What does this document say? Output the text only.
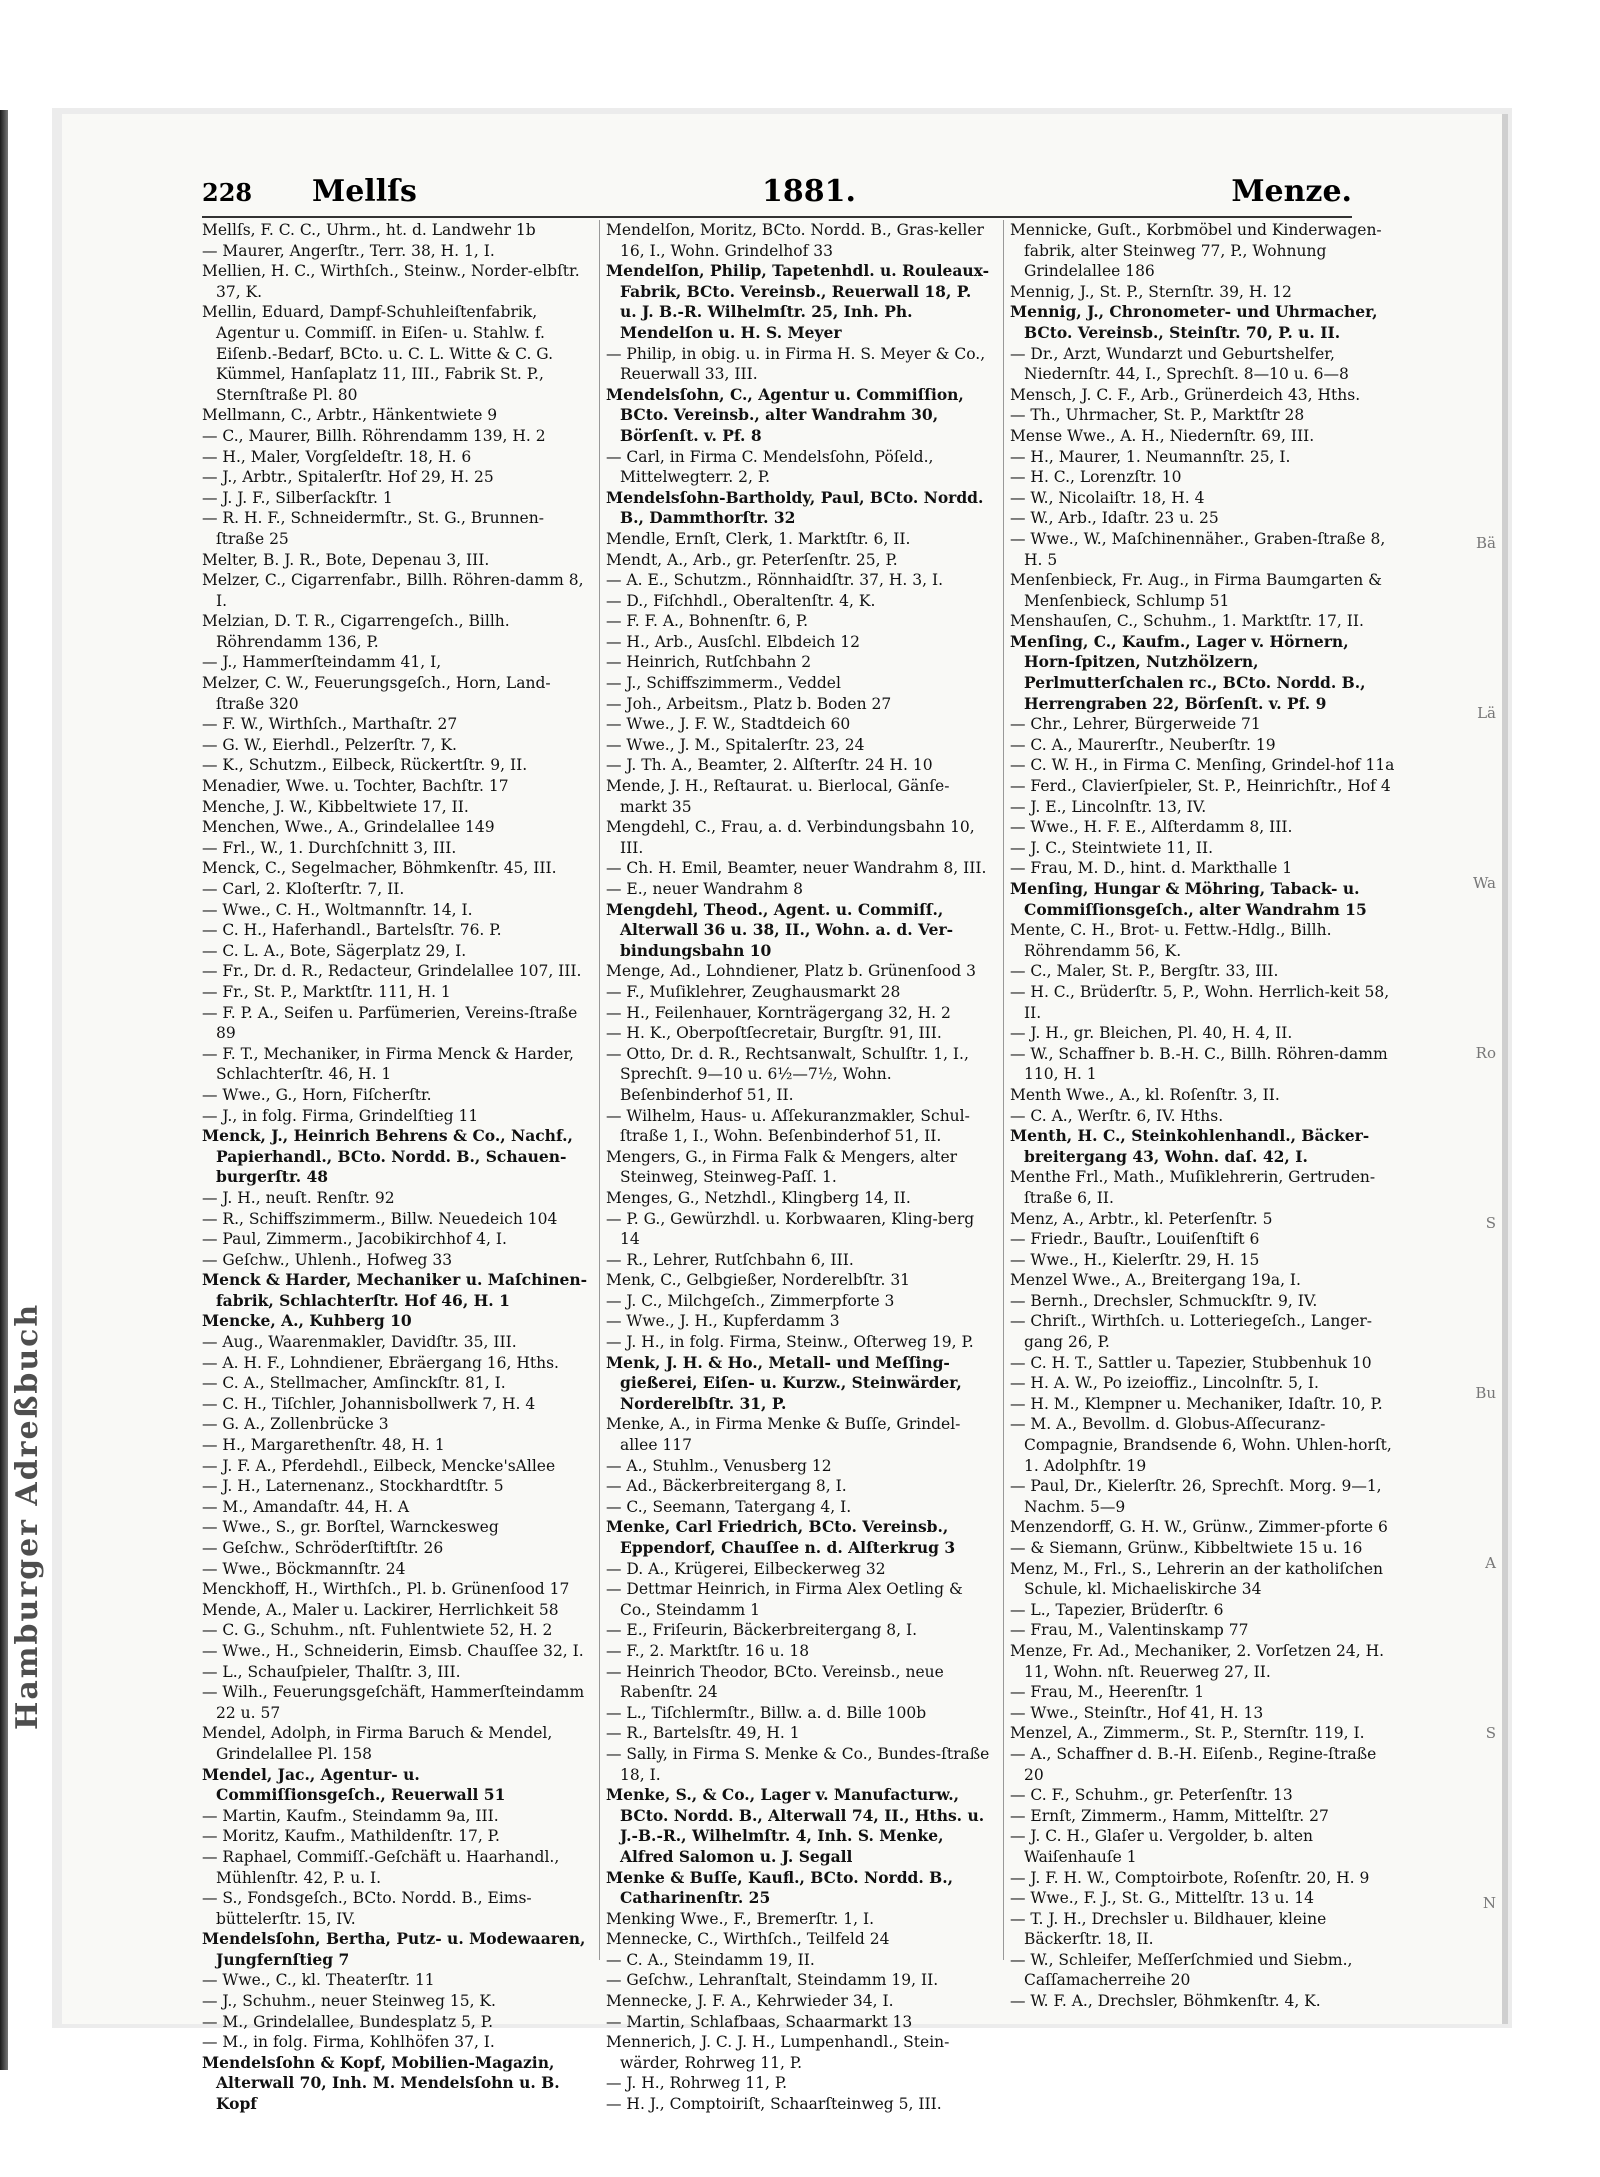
Hamburger Adreßbuch
228 Mellſs	1881.	Menze.
Mellſs, F. C. C., Uhrm., ht. d. Landwehr 1b
— Maurer, Angerſtr., Terr. 38, H. 1, I.
Mellien, H. C., Wirthſch., Steinw., Norder-elbſtr. 37, K.
Mellin, Eduard, Dampf-Schuhleiſtenfabrik, Agentur u. Commiſſ. in Eiſen- u. Stahlw. f. Eiſenb.-Bedarf, BCto. u. C. L. Witte & C. G. Kümmel, Hanſaplatz 11, III., Fabrik St. P., Sternſtraße Pl. 80
Mellmann, C., Arbtr., Hänkentwiete 9
— C., Maurer, Billh. Röhrendamm 139, H. 2
— H., Maler, Vorgſeldeſtr. 18, H. 6
— J., Arbtr., Spitalerſtr. Hof 29, H. 25
— J. J. F., Silberſackſtr. 1
— R. H. F., Schneidermſtr., St. G., Brunnen-ſtraße 25
Melter, B. J. R., Bote, Depenau 3, III.
Melzer, C., Cigarrenfabr., Billh. Röhren-damm 8, I.
Melzian, D. T. R., Cigarrengeſch., Billh. Röhrendamm 136, P.
— J., Hammerſteindamm 41, I,
Melzer, C. W., Feuerungsgeſch., Horn, Land-ſtraße 320
— F. W., Wirthſch., Marthaſtr. 27
— G. W., Eierhdl., Pelzerſtr. 7, K.
— K., Schutzm., Eilbeck, Rückertſtr. 9, II.
Menadier, Wwe. u. Tochter, Bachſtr. 17
Menche, J. W., Kibbeltwiete 17, II.
Menchen, Wwe., A., Grindelallee 149
— Frl., W., 1. Durchſchnitt 3, III.
Menck, C., Segelmacher, Böhmkenſtr. 45, III.
— Carl, 2. Kloſterſtr. 7, II.
— Wwe., C. H., Woltmannſtr. 14, I.
— C. H., Haferhandl., Bartelsſtr. 76. P.
— C. L. A., Bote, Sägerplatz 29, I.
— Fr., Dr. d. R., Redacteur, Grindelallee 107, III.
— Fr., St. P., Marktſtr. 111, H. 1
— F. P. A., Seifen u. Parfümerien, Vereins-ſtraße 89
— F. T., Mechaniker, in Firma Menck & Harder, Schlachterſtr. 46, H. 1
— Wwe., G., Horn, Fiſcherſtr.
— J., in folg. Firma, Grindelſtieg 11
Menck, J., Heinrich Behrens & Co., Nachf., Papierhandl., BCto. Nordd. B., Schauen-burgerſtr. 48
— J. H., neuſt. Renſtr. 92
— R., Schiffszimmerm., Billw. Neuedeich 104
— Paul, Zimmerm., Jacobikirchhof 4, I.
— Geſchw., Uhlenh., Hofweg 33
Menck & Harder, Mechaniker u. Maſchinen-fabrik, Schlachterſtr. Hof 46, H. 1
Mencke, A., Kuhberg 10
— Aug., Waarenmakler, Davidſtr. 35, III.
— A. H. F., Lohndiener, Ebräergang 16, Hths.
— C. A., Stellmacher, Amſinckſtr. 81, I.
— C. H., Tiſchler, Johannisbollwerk 7, H. 4
— G. A., Zollenbrücke 3
— H., Margarethenſtr. 48, H. 1
— J. F. A., Pferdehdl., Eilbeck, Mencke'sAllee
— J. H., Laternenanz., Stockhardtſtr. 5
— M., Amandaſtr. 44, H. A
— Wwe., S., gr. Borſtel, Warnckesweg
— Geſchw., Schröderſtiftſtr. 26
— Wwe., Böckmannſtr. 24
Menckhoff, H., Wirthſch., Pl. b. Grünenſood 17
Mende, A., Maler u. Lackirer, Herrlichkeit 58
— C. G., Schuhm., nſt. Fuhlentwiete 52, H. 2
— Wwe., H., Schneiderin, Eimsb. Chauſſee 32, I.
— L., Schauſpieler, Thalſtr. 3, III.
— Wilh., Feuerungsgeſchäft, Hammerſteindamm 22 u. 57
Mendel, Adolph, in Firma Baruch & Mendel, Grindelallee Pl. 158
Mendel, Jac., Agentur- u. Commiſſionsgeſch., Reuerwall 51
— Martin, Kaufm., Steindamm 9a, III.
— Moritz, Kaufm., Mathildenſtr. 17, P.
— Raphael, Commiſſ.-Geſchäft u. Haarhandl., Mühlenſtr. 42, P. u. I.
— S., Fondsgeſch., BCto. Nordd. B., Eims-büttelerſtr. 15, IV.
Mendelsſohn, Bertha, Putz- u. Modewaaren, Jungfernſtieg 7
— Wwe., C., kl. Theaterſtr. 11
— J., Schuhm., neuer Steinweg 15, K.
— M., Grindelallee, Bundesplatz 5, P.
— M., in folg. Firma, Kohlhöfen 37, I.
Mendelsſohn & Kopf, Mobilien-Magazin, Alterwall 70, Inh. M. Mendelsſohn u. B. Kopf
Mendelſon, Moritz, BCto. Nordd. B., Gras-keller 16, I., Wohn. Grindelhof 33
Mendelſon, Philip, Tapetenhdl. u. Rouleaux-Fabrik, BCto. Vereinsb., Reuerwall 18, P. u. J. B.-R. Wilhelmſtr. 25, Inh. Ph. Mendelſon u. H. S. Meyer
— Philip, in obig. u. in Firma H. S. Meyer & Co., Reuerwall 33, III.
Mendelsſohn, C., Agentur u. Commiſſion, BCto. Vereinsb., alter Wandrahm 30, Börſenſt. v. Pf. 8
— Carl, in Firma C. Mendelsſohn, Pöſeld., Mittelwegterr. 2, P.
Mendelsſohn-Bartholdy, Paul, BCto. Nordd. B., Dammthorſtr. 32
Mendle, Ernſt, Clerk, 1. Marktſtr. 6, II.
Mendt, A., Arb., gr. Peterſenſtr. 25, P.
— A. E., Schutzm., Rönnhaidſtr. 37, H. 3, I.
— D., Fiſchhdl., Oberaltenſtr. 4, K.
— F. F. A., Bohnenſtr. 6, P.
— H., Arb., Ausſchl. Elbdeich 12
— Heinrich, Rutſchbahn 2
— J., Schiffszimmerm., Veddel
— Joh., Arbeitsm., Platz b. Boden 27
— Wwe., J. F. W., Stadtdeich 60
— Wwe., J. M., Spitalerſtr. 23, 24
— J. Th. A., Beamter, 2. Alſterſtr. 24 H. 10
Mende, J. H., Reſtaurat. u. Bierlocal, Gänſe-markt 35
Mengdehl, C., Frau, a. d. Verbindungsbahn 10, III.
— Ch. H. Emil, Beamter, neuer Wandrahm 8, III.
— E., neuer Wandrahm 8
Mengdehl, Theod., Agent. u. Commiſſ., Alterwall 36 u. 38, II., Wohn. a. d. Ver-bindungsbahn 10
Menge, Ad., Lohndiener, Platz b. Grünenſood 3
— F., Muſiklehrer, Zeughausmarkt 28
— H., Feilenhauer, Kornträgergang 32, H. 2
— H. K., Oberpoſtſecretair, Burgſtr. 91, III.
— Otto, Dr. d. R., Rechtsanwalt, Schulſtr. 1, I., Sprechſt. 9—10 u. 6½—7½, Wohn. Beſenbinderhof 51, II.
— Wilhelm, Haus- u. Aſſekuranzmakler, Schul-ſtraße 1, I., Wohn. Beſenbinderhof 51, II.
Mengers, G., in Firma Falk & Mengers, alter Steinweg, Steinweg-Paſſ. 1.
Menges, G., Netzhdl., Klingberg 14, II.
— P. G., Gewürzhdl. u. Korbwaaren, Kling-berg 14
— R., Lehrer, Rutſchbahn 6, III.
Menk, C., Gelbgießer, Norderelbſtr. 31
— J. C., Milchgeſch., Zimmerpforte 3
— Wwe., J. H., Kupferdamm 3
— J. H., in folg. Firma, Steinw., Oſterweg 19, P.
Menk, J. H. & Ho., Metall- und Meſſing-gießerei, Eiſen- u. Kurzw., Steinwärder, Norderelbſtr. 31, P.
Menke, A., in Firma Menke & Buſſe, Grindel-allee 117
— A., Stuhlm., Venusberg 12
— Ad., Bäckerbreitergang 8, I.
— C., Seemann, Tatergang 4, I.
Menke, Carl Friedrich, BCto. Vereinsb., Eppendorf, Chauſſee n. d. Alſterkrug 3
— D. A., Krügerei, Eilbeckerweg 32
— Dettmar Heinrich, in Firma Alex Oetling & Co., Steindamm 1
— E., Friſeurin, Bäckerbreitergang 8, I.
— F., 2. Marktſtr. 16 u. 18
— Heinrich Theodor, BCto. Vereinsb., neue Rabenſtr. 24
— L., Tiſchlermſtr., Billw. a. d. Bille 100b
— R., Bartelsſtr. 49, H. 1
— Sally, in Firma S. Menke & Co., Bundes-ſtraße 18, I.
Menke, S., & Co., Lager v. Manufacturw., BCto. Nordd. B., Alterwall 74, II., Hths. u. J.-B.-R., Wilhelmſtr. 4, Inh. S. Menke, Alfred Salomon u. J. Segall
Menke & Buſſe, Kaufl., BCto. Nordd. B., Catharinenſtr. 25
Menking Wwe., F., Bremerſtr. 1, I.
Mennecke, C., Wirthſch., Teilfeld 24
— C. A., Steindamm 19, II.
— Geſchw., Lehranſtalt, Steindamm 19, II.
Mennecke, J. F. A., Kehrwieder 34, I.
— Martin, Schlafbaas, Schaarmarkt 13
Mennerich, J. C. J. H., Lumpenhandl., Stein-wärder, Rohrweg 11, P.
— J. H., Rohrweg 11, P.
— H. J., Comptoiriſt, Schaarſteinweg 5, III.
Mennicke, Guſt., Korbmöbel und Kinderwagen-fabrik, alter Steinweg 77, P., Wohnung Grindelallee 186
Mennig, J., St. P., Sternſtr. 39, H. 12
Mennig, J., Chronometer- und Uhrmacher, BCto. Vereinsb., Steinſtr. 70, P. u. II.
— Dr., Arzt, Wundarzt und Geburtshelfer, Niedernſtr. 44, I., Sprechſt. 8—10 u. 6—8
Mensch, J. C. F., Arb., Grünerdeich 43, Hths.
— Th., Uhrmacher, St. P., Marktſtr 28
Mense Wwe., A. H., Niedernſtr. 69, III.
— H., Maurer, 1. Neumannſtr. 25, I.
— H. C., Lorenzſtr. 10
— W., Nicolaiſtr. 18, H. 4
— W., Arb., Idaſtr. 23 u. 25
— Wwe., W., Maſchinennäher., Graben-ſtraße 8, H. 5
Menſenbieck, Fr. Aug., in Firma Baumgarten & Menſenbieck, Schlump 51
Menshauſen, C., Schuhm., 1. Marktſtr. 17, II.
Menſing, C., Kaufm., Lager v. Hörnern, Horn-ſpitzen, Nutzhölzern, Perlmutterſchalen rc., BCto. Nordd. B., Herrengraben 22, Börſenſt. v. Pf. 9
— Chr., Lehrer, Bürgerweide 71
— C. A., Maurerſtr., Neuberſtr. 19
— C. W. H., in Firma C. Menſing, Grindel-hof 11a
— Ferd., Clavierſpieler, St. P., Heinrichſtr., Hof 4
— J. E., Lincolnſtr. 13, IV.
— Wwe., H. F. E., Alſterdamm 8, III.
— J. C., Steintwiete 11, II.
— Frau, M. D., hint. d. Markthalle 1
Menſing, Hungar & Möhring, Taback- u. Commiſſionsgeſch., alter Wandrahm 15
Mente, C. H., Brot- u. Fettw.-Hdlg., Billh. Röhrendamm 56, K.
— C., Maler, St. P., Bergſtr. 33, III.
— H. C., Brüderſtr. 5, P., Wohn. Herrlich-keit 58, II.
— J. H., gr. Bleichen, Pl. 40, H. 4, II.
— W., Schaffner b. B.-H. C., Billh. Röhren-damm 110, H. 1
Menth Wwe., A., kl. Roſenſtr. 3, II.
— C. A., Werſtr. 6, IV. Hths.
Menth, H. C., Steinkohlenhandl., Bäcker-breitergang 43, Wohn. daſ. 42, I.
Menthe Frl., Math., Muſiklehrerin, Gertruden-ſtraße 6, II.
Menz, A., Arbtr., kl. Peterſenſtr. 5
— Friedr., Bauſtr., Louiſenſtift 6
— Wwe., H., Kielerſtr. 29, H. 15
Menzel Wwe., A., Breitergang 19a, I.
— Bernh., Drechsler, Schmuckſtr. 9, IV.
— Chriſt., Wirthſch. u. Lotteriegeſch., Langer-gang 26, P.
— C. H. T., Sattler u. Tapezier, Stubbenhuk 10
— H. A. W., Po izeioffiz., Lincolnſtr. 5, I.
— H. M., Klempner u. Mechaniker, Idaſtr. 10, P.
— M. A., Bevollm. d. Globus-Aſſecuranz-Compagnie, Brandsende 6, Wohn. Uhlen-horſt, 1. Adolphſtr. 19
— Paul, Dr., Kielerſtr. 26, Sprechſt. Morg. 9—1, Nachm. 5—9
Menzendorff, G. H. W., Grünw., Zimmer-pforte 6
— & Siemann, Grünw., Kibbeltwiete 15 u. 16
Menz, M., Frl., S., Lehrerin an der katholiſchen Schule, kl. Michaeliskirche 34
— L., Tapezier, Brüderſtr. 6
— Frau, M., Valentinskamp 77
Menze, Fr. Ad., Mechaniker, 2. Vorſetzen 24, H. 11, Wohn. nſt. Reuerweg 27, II.
— Frau, M., Heerenſtr. 1
— Wwe., Steinſtr., Hof 41, H. 13
Menzel, A., Zimmerm., St. P., Sternſtr. 119, I.
— A., Schaffner d. B.-H. Eiſenb., Regine-ſtraße 20
— C. F., Schuhm., gr. Peterſenſtr. 13
— Ernſt, Zimmerm., Hamm, Mittelſtr. 27
— J. C. H., Glaſer u. Vergolder, b. alten Waiſenhauſe 1
— J. F. H. W., Comptoirbote, Roſenſtr. 20, H. 9
— Wwe., F. J., St. G., Mittelſtr. 13 u. 14
— T. J. H., Drechsler u. Bildhauer, kleine Bäckerſtr. 18, II.
— W., Schleifer, Meſſerſchmied und Siebm., Caſſamacherreihe 20
— W. F. A., Drechsler, Böhmkenſtr. 4, K.
Bä
Lä
Wa
Ro
S
Bu
A
S
N
